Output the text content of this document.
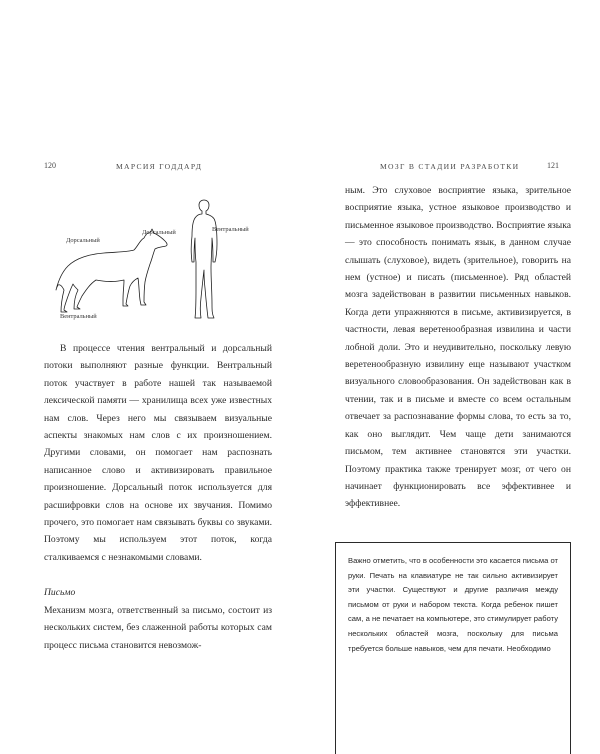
120	МАРСИЯ ГОДДАРД
Дорсальный
Вентральный
Дорсальный	Вентральный

В процессе чтения вентральный и дорсальный потоки выполняют разные функции. Вентральный поток участвует в работе нашей так называемой лексической памяти — хранилища всех уже известных нам слов. Через него мы связываем визуальные аспекты знакомых нам слов с их произношением. Другими словами, он помогает нам распознать написанное слово и активизировать правильное произношение. Дорсальный поток используется для расшифровки слов на основе их звучания. Помимо прочего, это помогает нам связывать буквы со звуками. Поэтому мы используем этот поток, когда сталкиваемся с незнакомыми словами.

Письмо

Механизм мозга, ответственный за письмо, состоит из нескольких систем, без слаженной работы которых сам процесс письма становится невозмож-

МОЗГ В СТАДИИ РАЗРАБОТКИ	121

ным. Это слуховое восприятие языка, зрительное восприятие языка, устное языковое производство и письменное языковое производство. Восприятие языка — это способность понимать язык, в данном случае слышать (слуховое), видеть (зрительное), говорить на нем (устное) и писать (письменное). Ряд областей мозга задействован в развитии письменных навыков. Когда дети упражняются в письме, активизируется, в частности, левая веретенообразная извилина и части лобной доли. Это и неудивительно, поскольку левую веретенообразную извилину еще называют участком визуального словообразования. Он задействован как в чтении, так и в письме и вместе со всем остальным отвечает за распознавание формы слова, то есть за то, как оно выглядит. Чем чаще дети занимаются письмом, тем активнее становятся эти участки. Поэтому практика также тренирует мозг, от чего он начинает функционировать все эффективнее и эффективнее.

Важно отметить, что в особенности это касается письма от руки. Печать на клавиатуре не так сильно активизирует эти участки. Существуют и другие различия между письмом от руки и набором текста. Когда ребенок пишет сам, а не печатает на компьютере, это стимулирует работу нескольких областей мозга, поскольку для письма требуется больше навыков, чем для печати. Необходимо
